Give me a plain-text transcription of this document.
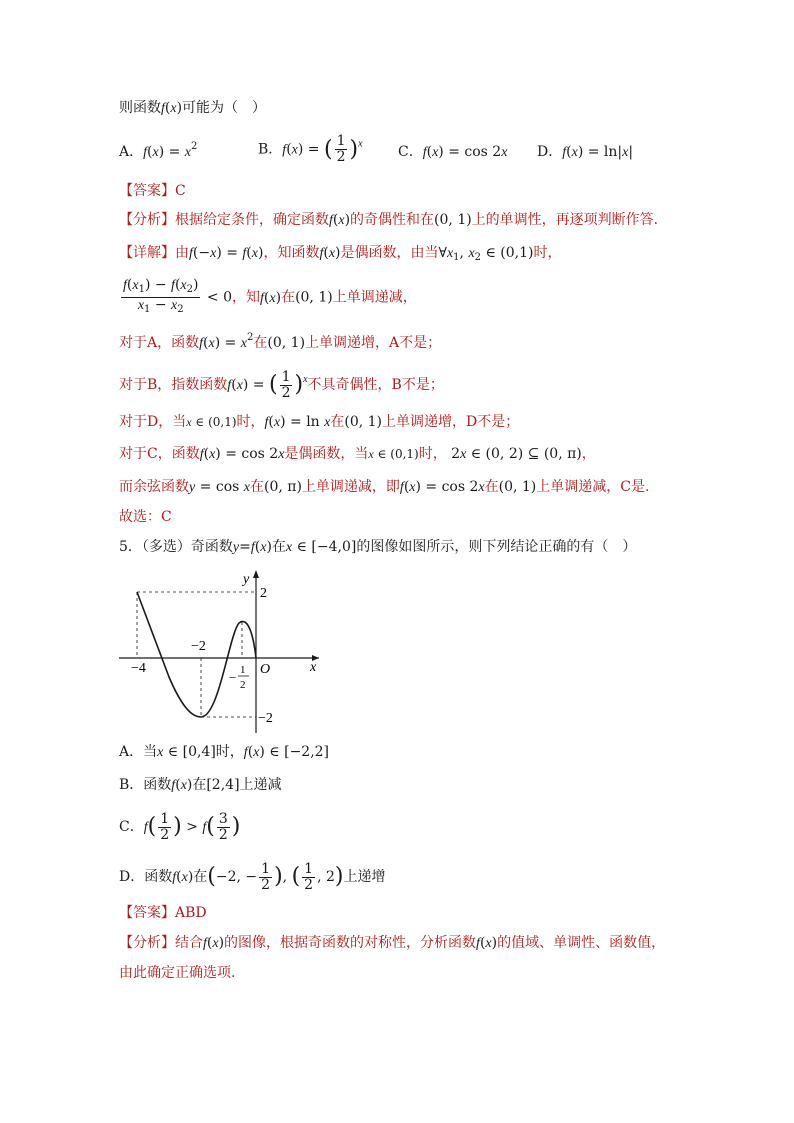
则函数f(x)可能为（　）
A．$f(x) = x^2$	B．f(x) = ( $\frac{1}{2} )^x$	C．f(x) = cos 2x D．f(x) = ln|x|
【答案】C
【分析】根据给定条件，确定函数f(x)的奇偶性和在(0, 1)上的单调性，再逐项判断作答.
【详解】由f(−x) = f(x)，知函数f(x)是偶函数，由当$\forall x_1$, $x_2$ ∈ (0,1)时，
$\frac{f(x_1) - f(x_2)}{x_1 - x_2} < 0$，知f(x)在(0, 1)上单调递减，
对于A，函数$f(x) = x^2$在(0, 1)上单调递增，A不是；
对于B，指数函数f(x) = ( $\frac{1}{2} )^x$不具奇偶性，B不是；
对于D，当x ∈ (0,1)时，f(x) = ln x在(0, 1)上单调递增，D不是；
对于C，函数f(x) = cos 2x是偶函数，当x ∈ (0,1)时， 2x ∈ (0, 2) ⊆ (0, π)，
而余弦函数y = cos x在(0, π)上单调递减，即f(x) = cos 2x在(0, 1)上单调递减，C是.
故选：C
5．（多选）奇函数y=f(x)在x ∈ [−4,0]的图像如图所示，则下列结论正确的有（　）
−4
−2
2
−2
y
x
O
− 1
2
A．当x ∈ [0,4]时，f(x) ∈ [−2,2]
B．函数f(x)在[2,4]上递减
C．$f( \frac{1}{2}$ ) > $f( \frac{3}{2}$ )
D．函数f(x)在(−2, − $\frac{1}{2}$ ), ( $\frac{1}{2}$ , 2)上递增
【答案】ABD
【分析】结合f(x)的图像，根据奇函数的对称性，分析函数f(x)的值域、单调性、函数值，
由此确定正确选项.
